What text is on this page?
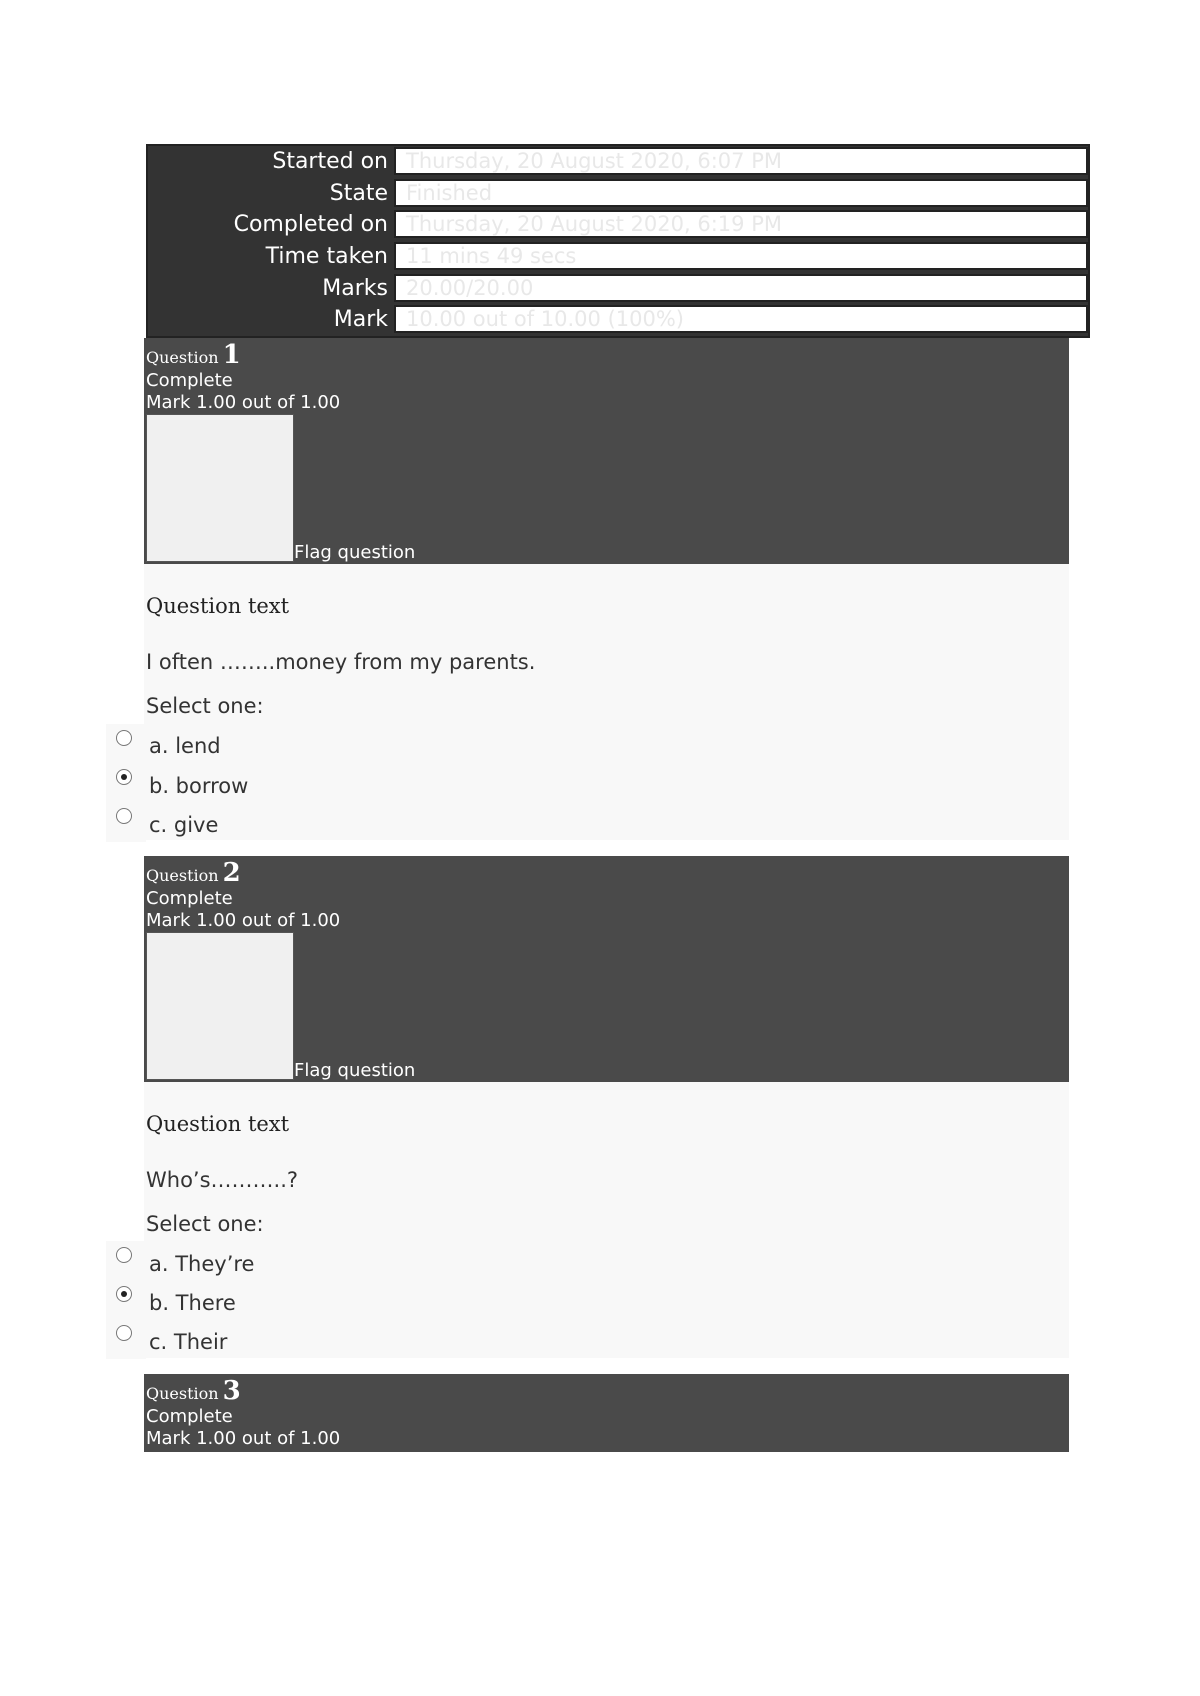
Started on Thursday, 20 August 2020, 6:07 PM
State Finished
Completed on Thursday, 20 August 2020, 6:19 PM
Time taken 11 mins 49 secs
Marks 20.00/20.00
Mark 10.00 out of 10.00 (100%)
Question 1
Complete
Mark 1.00 out of 1.00
Flag question
Question text
I often ……..money from my parents.
Select one:
a. lend
b. borrow
c. give
Question 2
Complete
Mark 1.00 out of 1.00
Flag question
Question text
Who’s………..?
Select one:
a. They’re
b. There
c. Their
Question 3
Complete
Mark 1.00 out of 1.00
